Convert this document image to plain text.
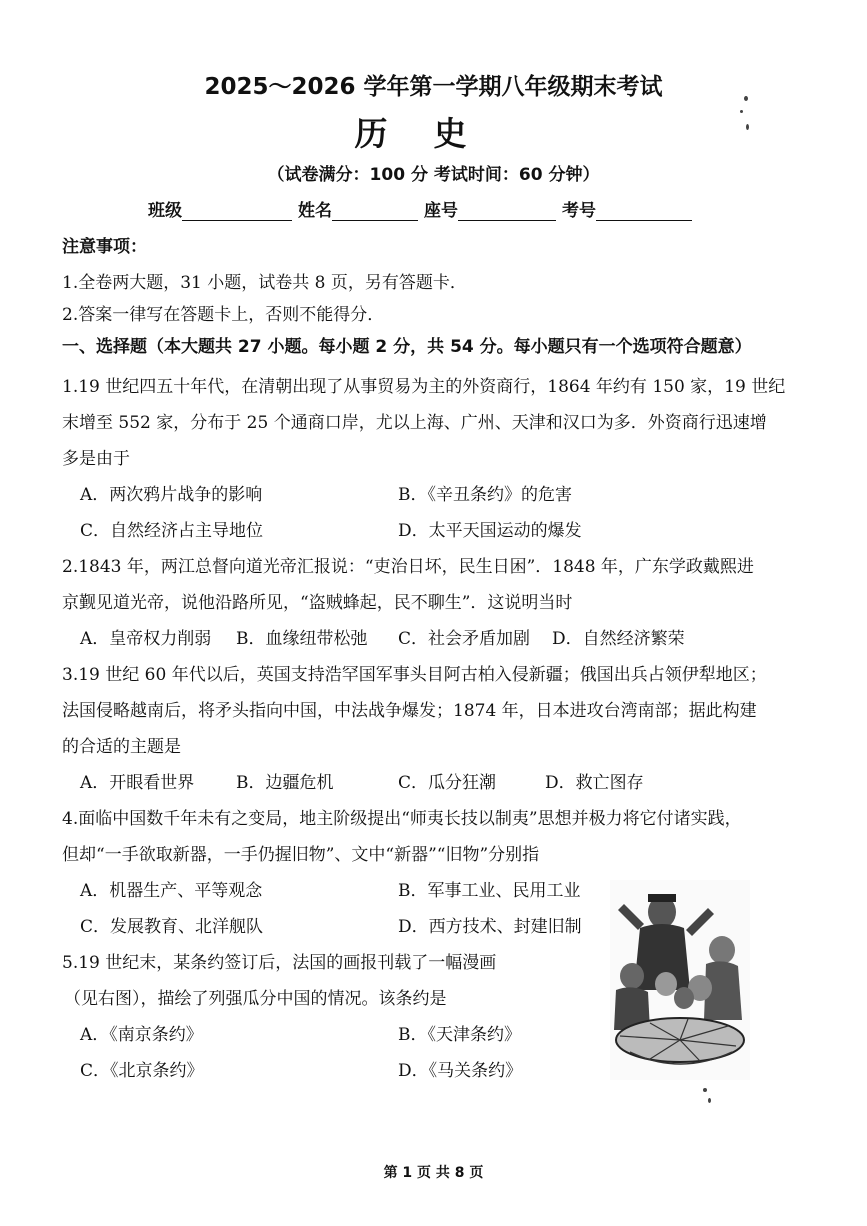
2025～2026 学年第一学期八年级期末考试
历史
（试卷满分：100 分 考试时间：60 分钟）
班级	姓名	座号	考号
注意事项：
1.全卷两大题，31 小题，试卷共 8 页，另有答题卡．
2.答案一律写在答题卡上，否则不能得分．
一、选择题（本大题共 27 小题。每小题 2 分，共 54 分。每小题只有一个选项符合题意）
1.19 世纪四五十年代，在清朝出现了从事贸易为主的外资商行，1864 年约有 150 家，19 世纪
末增至 552 家，分布于 25 个通商口岸，尤以上海、广州、天津和汉口为多．外资商行迅速增
多是由于
A．两次鸦片战争的影响	B．《辛丑条约》的危害
C．自然经济占主导地位	D．太平天国运动的爆发
2.1843 年，两江总督向道光帝汇报说：“吏治日坏，民生日困”．1848 年，广东学政戴熙进
京觐见道光帝，说他沿路所见，“盗贼蜂起，民不聊生”．这说明当时
A．皇帝权力削弱 B．血缘纽带松弛 C．社会矛盾加剧 D．自然经济繁荣
3.19 世纪 60 年代以后，英国支持浩罕国军事头目阿古柏入侵新疆；俄国出兵占领伊犁地区；
法国侵略越南后，将矛头指向中国，中法战争爆发；1874 年，日本进攻台湾南部；据此构建
的合适的主题是
A．开眼看世界 B．边疆危机	C．瓜分狂潮	D．救亡图存
4.面临中国数千年未有之变局，地主阶级提出“师夷长技以制夷”思想并极力将它付诸实践，
但却“一手欲取新器，一手仍握旧物”、文中“新器”“旧物”分别指
A．机器生产、平等观念	B．军事工业、民用工业
C．发展教育、北洋舰队	D．西方技术、封建旧制
5.19 世纪末，某条约签订后，法国的画报刊载了一幅漫画
（见右图），描绘了列强瓜分中国的情况。该条约是
A．《南京条约》	B．《天津条约》
C．《北京条约》	D．《马关条约》
第 1 页 共 8 页
